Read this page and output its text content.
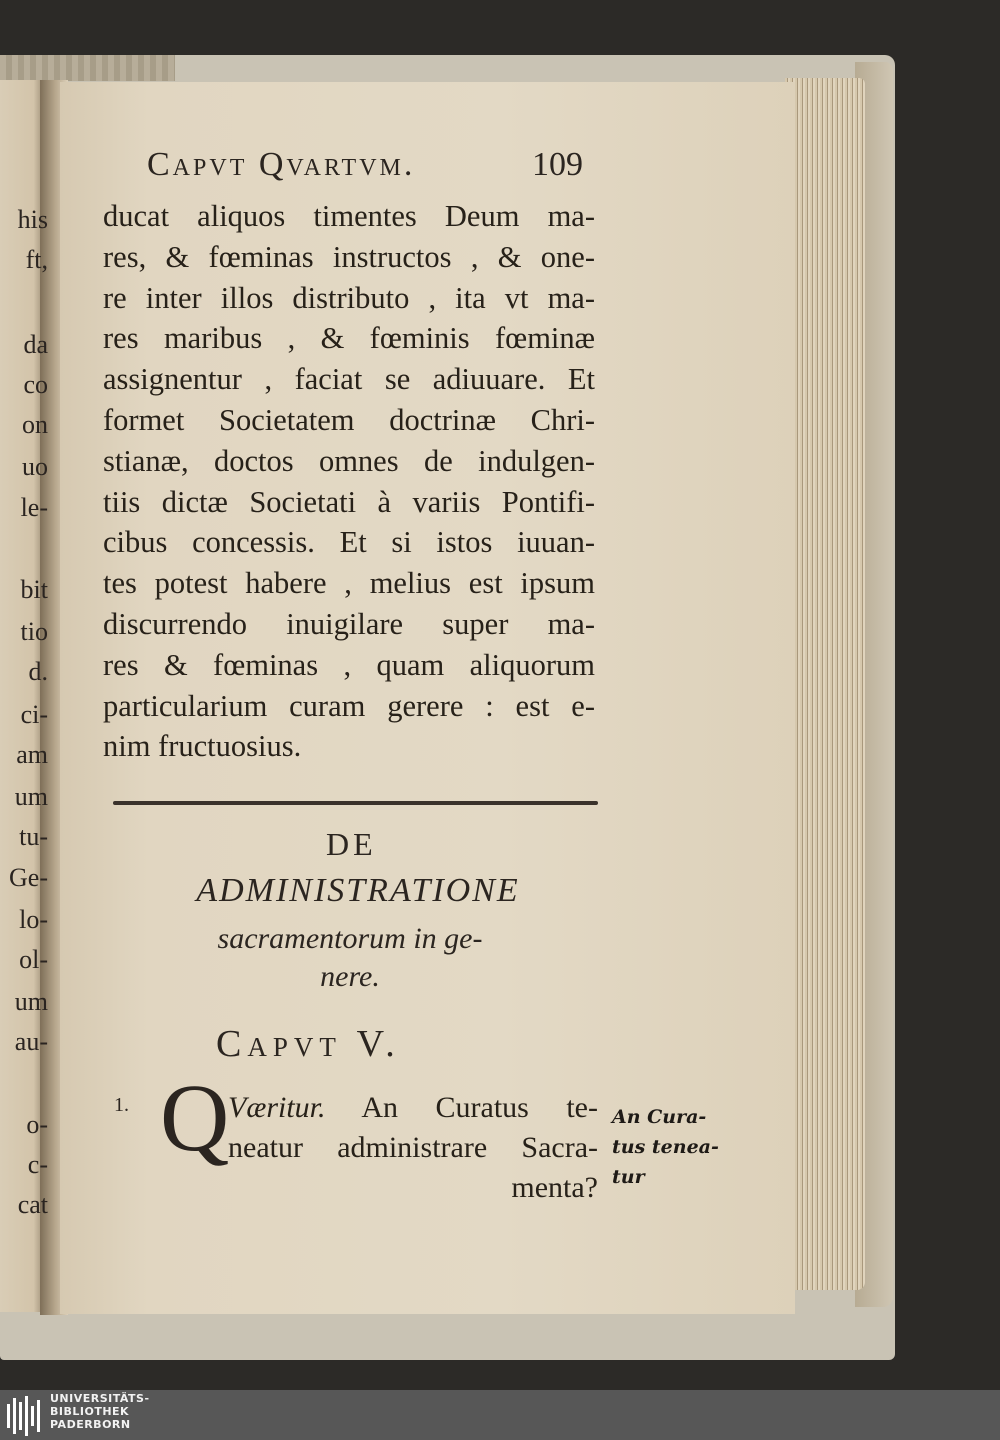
Capvt Qvartvm.	109
ducat aliquos timentes Deum ma-
res, & fœminas instructos , & one-
re inter illos distributo , ita vt ma-
res maribus , & fœminis fœminæ
assignentur , faciat se adiuuare. Et
formet Societatem doctrinæ Chri-
stianæ, doctos omnes de indulgen-
tiis dictæ Societati à variis Pontifi-
cibus concessis. Et si istos iuuan-
tes potest habere , melius est ipsum
discurrendo inuigilare super ma-
res & fœminas , quam aliquorum
particularium curam gerere : est e-
nim fructuosius.
DE
ADMINISTRATIONE
sacramentorum in ge-
nere.
Capvt V.
1. Q
Væritur. An Curatus te-
neatur administrare Sacra-
menta?
An Cura-
tus tenea-
tur
his
ft,
da
co
on
uo
le-
bit
tio
d.
ci-
am
um
tu-
Ge-
lo-
ol-
um
au-
o-
c-
cat
UNIVERSITÄTS-
BIBLIOTHEK
PADERBORN
